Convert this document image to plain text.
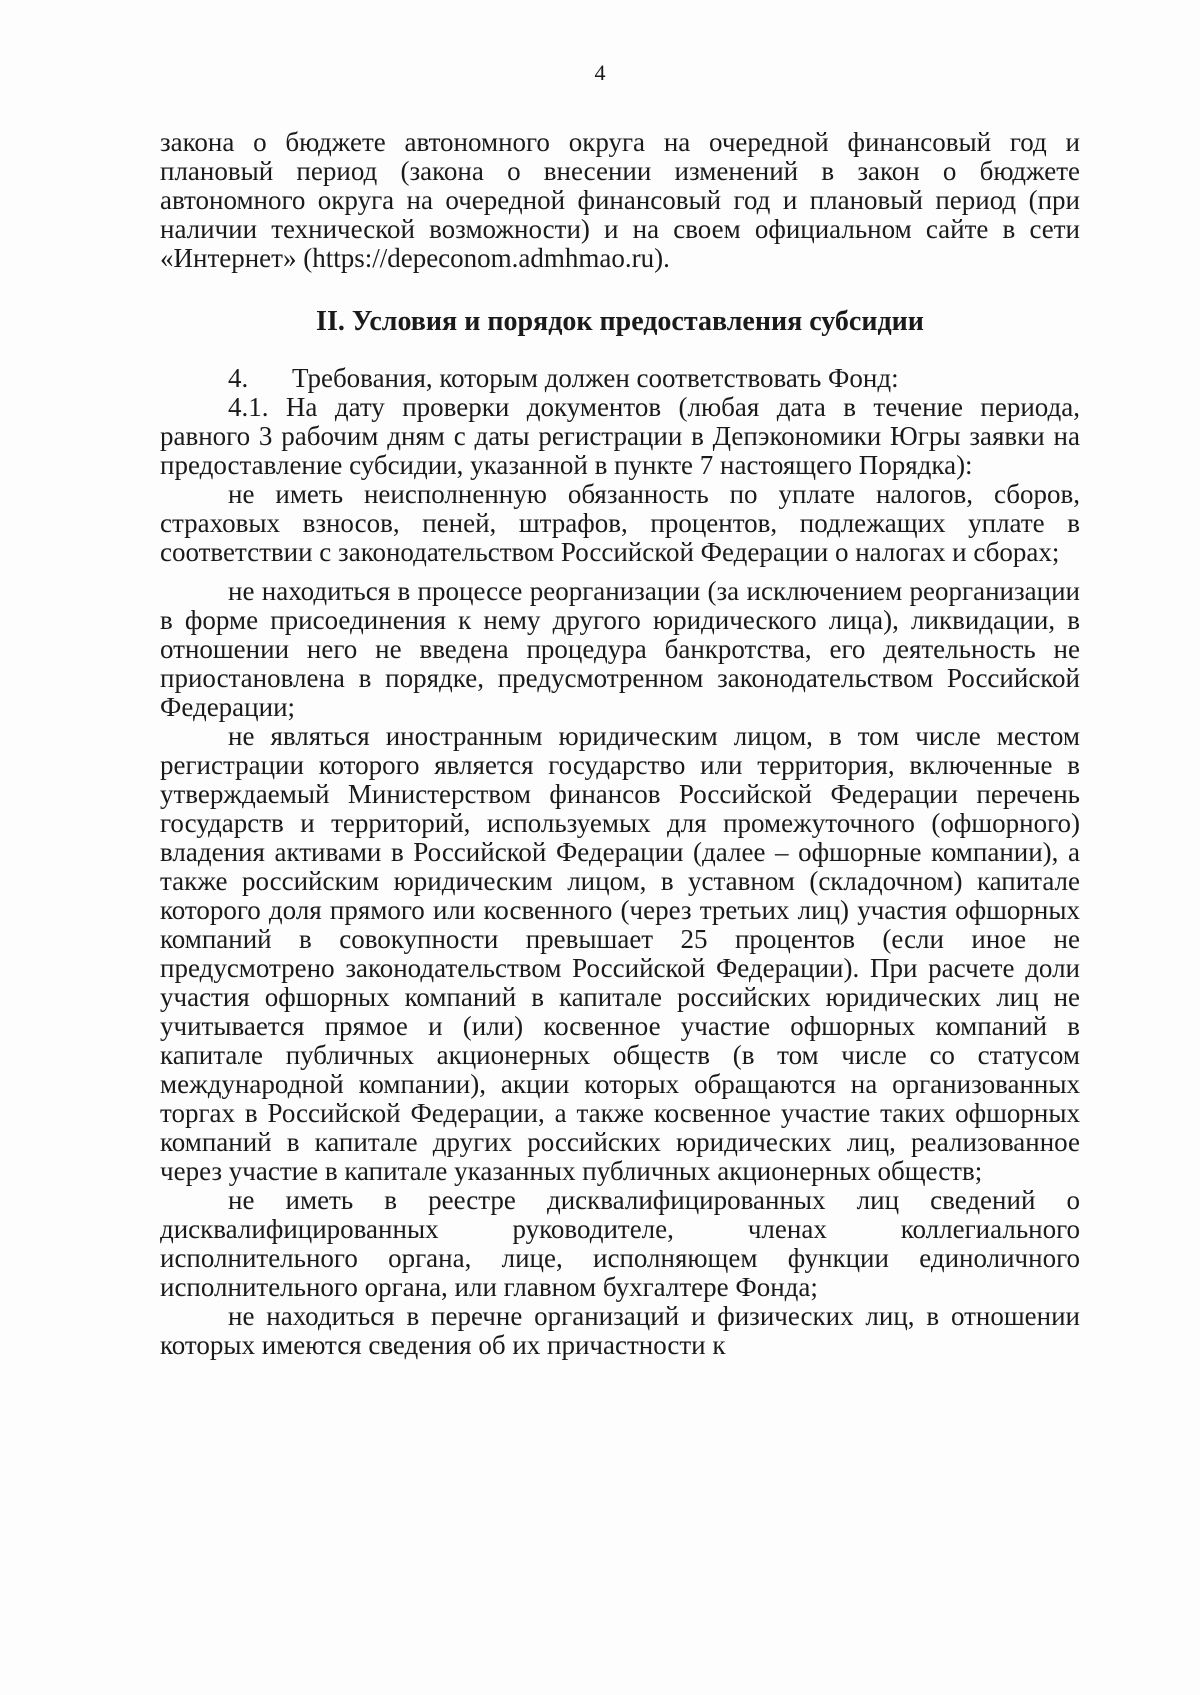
4

закона о бюджете автономного округа на очередной финансовый год и плановый период (закона о внесении изменений в закон о бюджете автономного округа на очередной финансовый год и плановый период (при наличии технической возможности) и на своем официальном сайте в сети «Интернет» (https://depeconom.admhmao.ru).

II. Условия и порядок предоставления субсидии

4. Требования, которым должен соответствовать Фонд:

4.1. На дату проверки документов (любая дата в течение периода, равного 3 рабочим дням с даты регистрации в Депэкономики Югры заявки на предоставление субсидии, указанной в пункте 7 настоящего Порядка):

не иметь неисполненную обязанность по уплате налогов, сборов, страховых взносов, пеней, штрафов, процентов, подлежащих уплате в соответствии с законодательством Российской Федерации о налогах и сборах;

не находиться в процессе реорганизации (за исключением реорганизации в форме присоединения к нему другого юридического лица), ликвидации, в отношении него не введена процедура банкротства, его деятельность не приостановлена в порядке, предусмотренном законодательством Российской Федерации;

не являться иностранным юридическим лицом, в том числе местом регистрации которого является государство или территория, включенные в утверждаемый Министерством финансов Российской Федерации перечень государств и территорий, используемых для промежуточного (офшорного) владения активами в Российской Федерации (далее – офшорные компании), а также российским юридическим лицом, в уставном (складочном) капитале которого доля прямого или косвенного (через третьих лиц) участия офшорных компаний в совокупности превышает 25 процентов (если иное не предусмотрено законодательством Российской Федерации). При расчете доли участия офшорных компаний в капитале российских юридических лиц не учитывается прямое и (или) косвенное участие офшорных компаний в капитале публичных акционерных обществ (в том числе со статусом международной компании), акции которых обращаются на организованных торгах в Российской Федерации, а также косвенное участие таких офшорных компаний в капитале других российских юридических лиц, реализованное через участие в капитале указанных публичных акционерных обществ;

не иметь в реестре дисквалифицированных лиц сведений о дисквалифицированных руководителе, членах коллегиального исполнительного органа, лице, исполняющем функции единоличного исполнительного органа, или главном бухгалтере Фонда;

не находиться в перечне организаций и физических лиц, в отношении которых имеются сведения об их причастности к
